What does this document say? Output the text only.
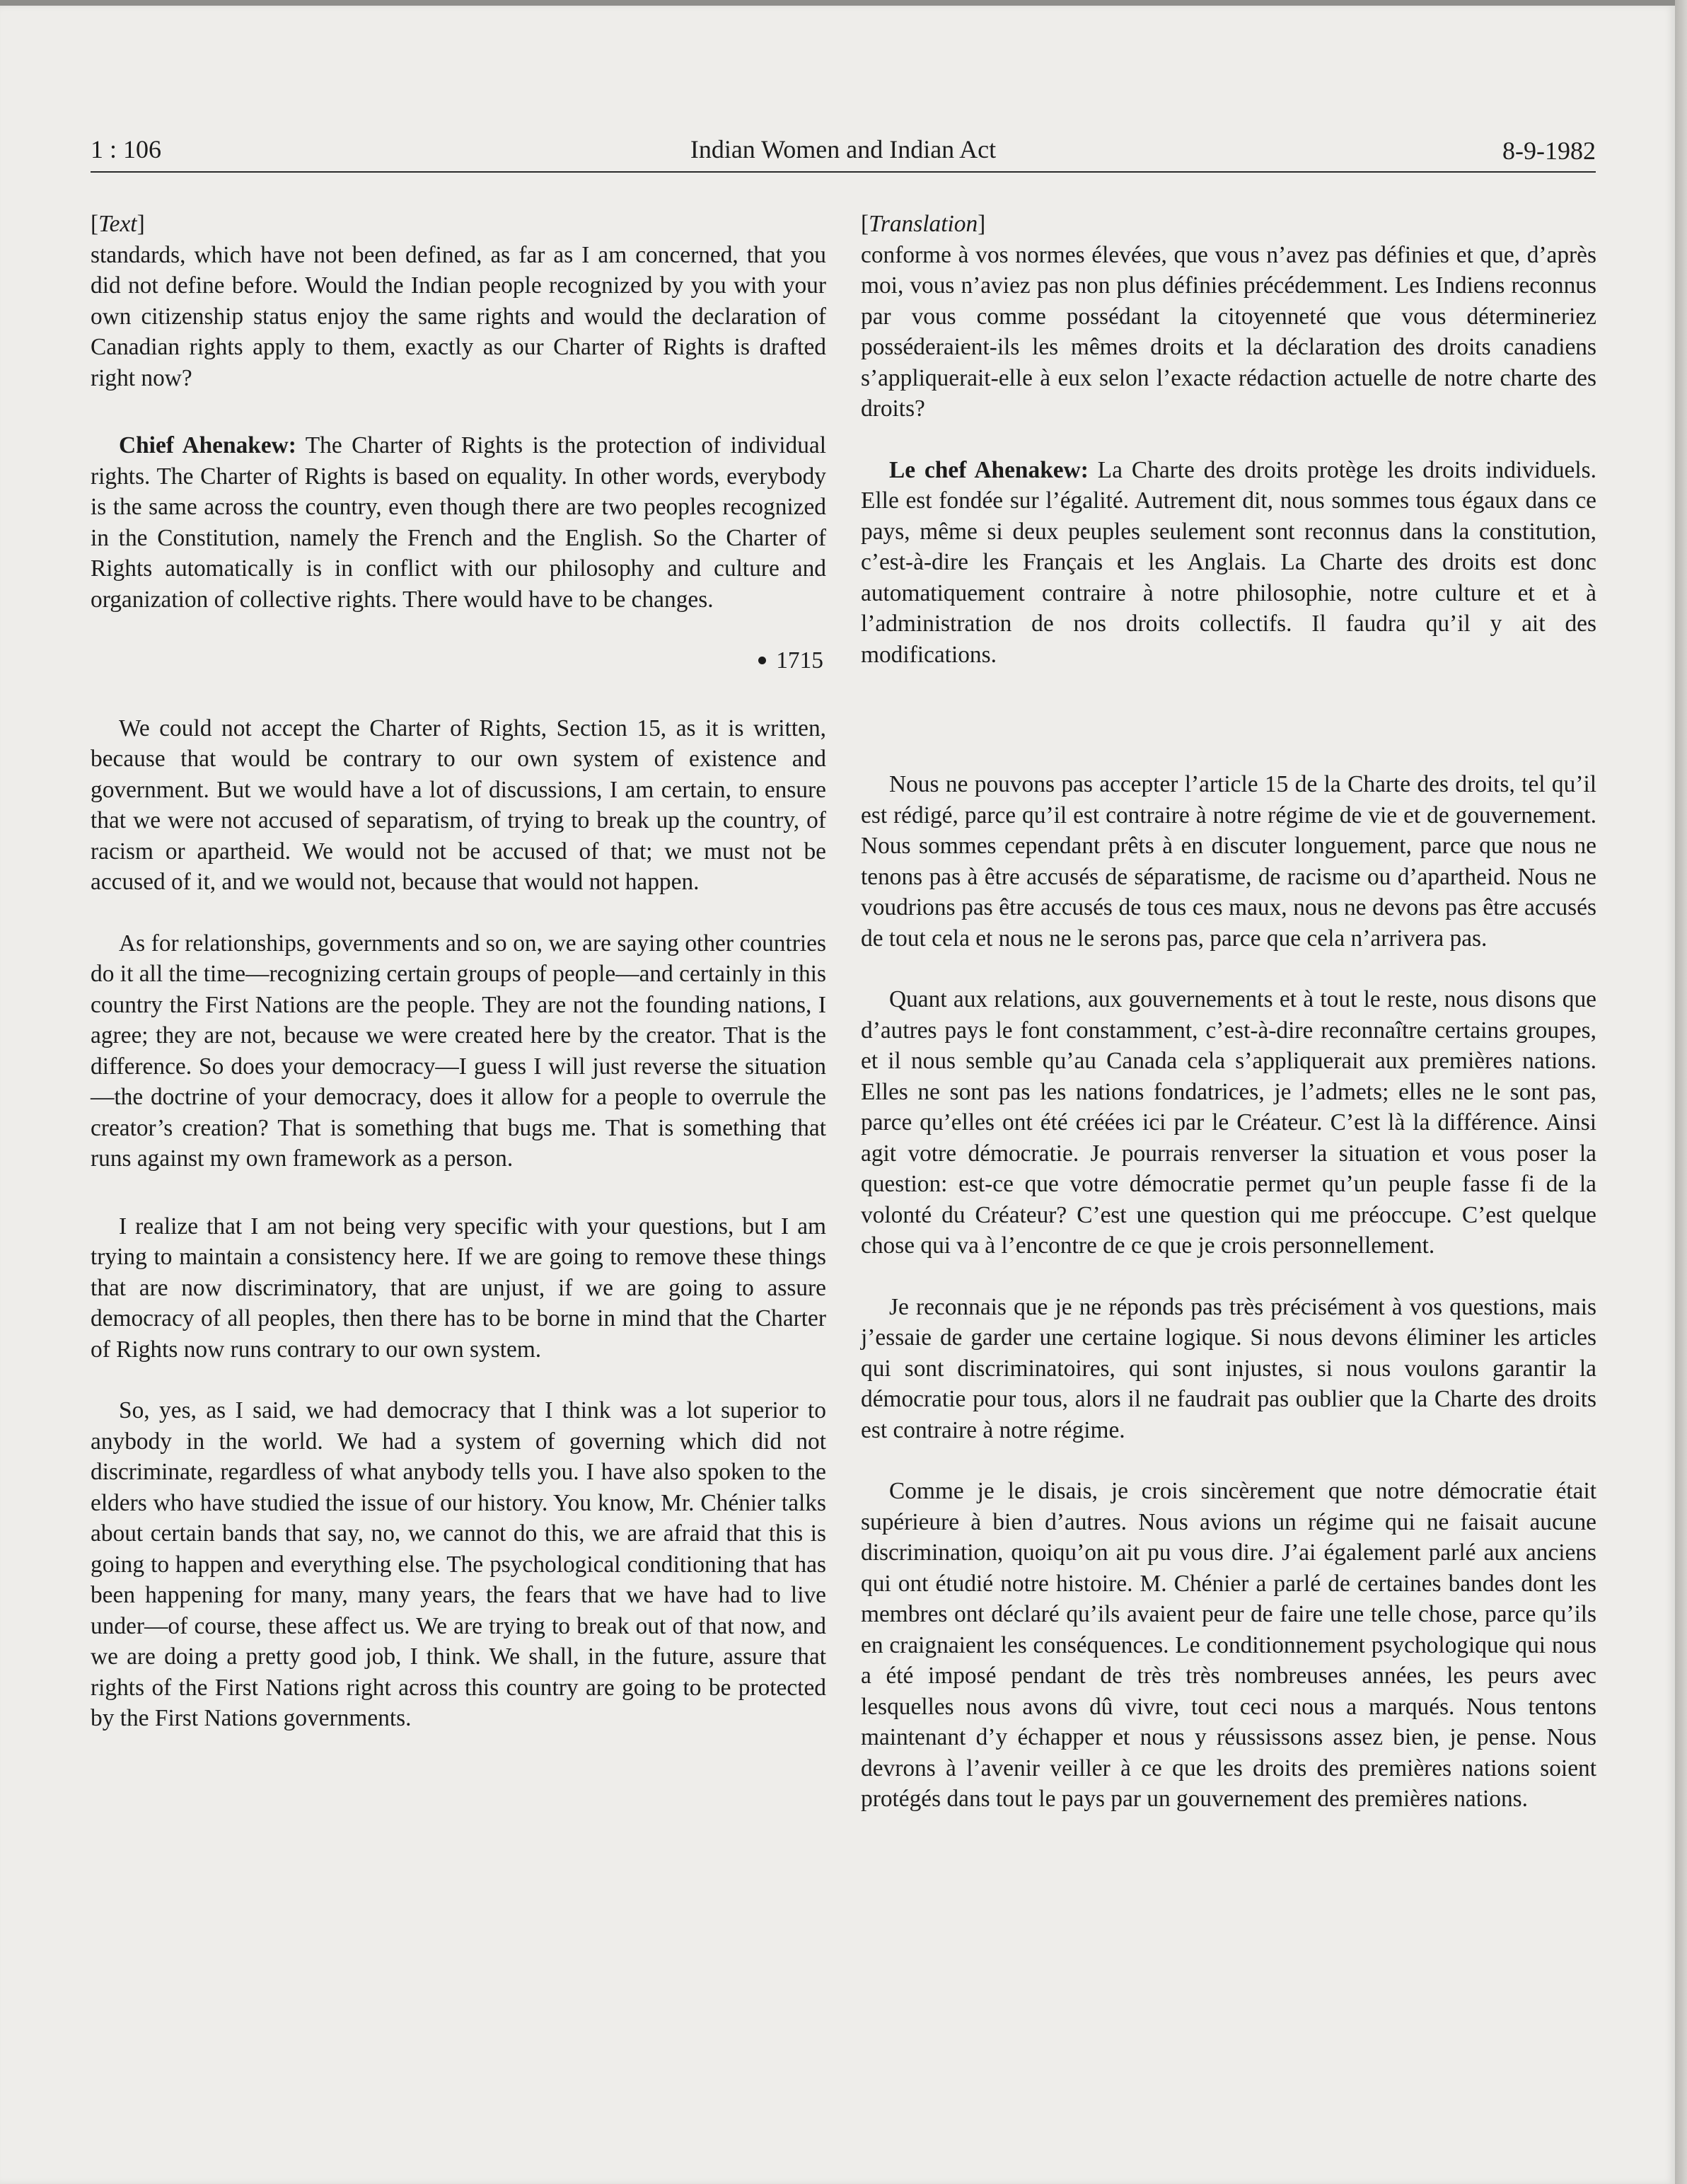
1 : 106	Indian Women and Indian Act	8-9-1982

[Text]

standards, which have not been defined, as far as I am concerned, that you did not define before. Would the Indian people recognized by you with your own citizenship status enjoy the same rights and would the declaration of Canadian rights apply to them, exactly as our Charter of Rights is drafted right now?

Chief Ahenakew: The Charter of Rights is the protection of individual rights. The Charter of Rights is based on equality. In other words, everybody is the same across the country, even though there are two peoples recognized in the Constitution, namely the French and the English. So the Charter of Rights automatically is in conflict with our philosophy and culture and organization of collective rights. There would have to be changes.

1715

We could not accept the Charter of Rights, Section 15, as it is written, because that would be contrary to our own system of existence and government. But we would have a lot of discussions, I am certain, to ensure that we were not accused of separatism, of trying to break up the country, of racism or apartheid. We would not be accused of that; we must not be accused of it, and we would not, because that would not happen.

As for relationships, governments and so on, we are saying other countries do it all the time—recognizing certain groups of people—and certainly in this country the First Nations are the people. They are not the founding nations, I agree; they are not, because we were created here by the creator. That is the difference. So does your democracy—I guess I will just reverse the situation—the doctrine of your democracy, does it allow for a people to overrule the creator’s creation? That is something that bugs me. That is something that runs against my own framework as a person.

I realize that I am not being very specific with your questions, but I am trying to maintain a consistency here. If we are going to remove these things that are now discriminatory, that are unjust, if we are going to assure democracy of all peoples, then there has to be borne in mind that the Charter of Rights now runs contrary to our own system.

So, yes, as I said, we had democracy that I think was a lot superior to anybody in the world. We had a system of governing which did not discriminate, regardless of what anybody tells you. I have also spoken to the elders who have studied the issue of our history. You know, Mr. Chénier talks about certain bands that say, no, we cannot do this, we are afraid that this is going to happen and everything else. The psychological conditioning that has been happening for many, many years, the fears that we have had to live under—of course, these affect us. We are trying to break out of that now, and we are doing a pretty good job, I think. We shall, in the future, assure that rights of the First Nations right across this country are going to be protected by the First Nations governments.

[Translation]

conforme à vos normes élevées, que vous n’avez pas définies et que, d’après moi, vous n’aviez pas non plus définies précédemment. Les Indiens reconnus par vous comme possédant la citoyenneté que vous détermineriez posséderaient-ils les mêmes droits et la déclaration des droits canadiens s’appliquerait-elle à eux selon l’exacte rédaction actuelle de notre charte des droits?

Le chef Ahenakew: La Charte des droits protège les droits individuels. Elle est fondée sur l’égalité. Autrement dit, nous sommes tous égaux dans ce pays, même si deux peuples seulement sont reconnus dans la constitution, c’est-à-dire les Français et les Anglais. La Charte des droits est donc automatiquement contraire à notre philosophie, notre culture et et à l’administration de nos droits collectifs. Il faudra qu’il y ait des modifications.

Nous ne pouvons pas accepter l’article 15 de la Charte des droits, tel qu’il est rédigé, parce qu’il est contraire à notre régime de vie et de gouvernement. Nous sommes cependant prêts à en discuter longuement, parce que nous ne tenons pas à être accusés de séparatisme, de racisme ou d’apartheid. Nous ne voudrions pas être accusés de tous ces maux, nous ne devons pas être accusés de tout cela et nous ne le serons pas, parce que cela n’arrivera pas.

Quant aux relations, aux gouvernements et à tout le reste, nous disons que d’autres pays le font constamment, c’est-à-dire reconnaître certains groupes, et il nous semble qu’au Canada cela s’appliquerait aux premières nations. Elles ne sont pas les nations fondatrices, je l’admets; elles ne le sont pas, parce qu’elles ont été créées ici par le Créateur. C’est là la différence. Ainsi agit votre démocratie. Je pourrais renverser la situation et vous poser la question: est-ce que votre démocratie permet qu’un peuple fasse fi de la volonté du Créateur? C’est une question qui me préoccupe. C’est quelque chose qui va à l’encontre de ce que je crois personnellement.

Je reconnais que je ne réponds pas très précisément à vos questions, mais j’essaie de garder une certaine logique. Si nous devons éliminer les articles qui sont discriminatoires, qui sont injustes, si nous voulons garantir la démocratie pour tous, alors il ne faudrait pas oublier que la Charte des droits est contraire à notre régime.

Comme je le disais, je crois sincèrement que notre démocratie était supérieure à bien d’autres. Nous avions un régime qui ne faisait aucune discrimination, quoiqu’on ait pu vous dire. J’ai également parlé aux anciens qui ont étudié notre histoire. M. Chénier a parlé de certaines bandes dont les membres ont déclaré qu’ils avaient peur de faire une telle chose, parce qu’ils en craignaient les conséquences. Le conditionnement psychologique qui nous a été imposé pendant de très très nombreuses années, les peurs avec lesquelles nous avons dû vivre, tout ceci nous a marqués. Nous tentons maintenant d’y échapper et nous y réussissons assez bien, je pense. Nous devrons à l’avenir veiller à ce que les droits des premières nations soient protégés dans tout le pays par un gouvernement des premières nations.
